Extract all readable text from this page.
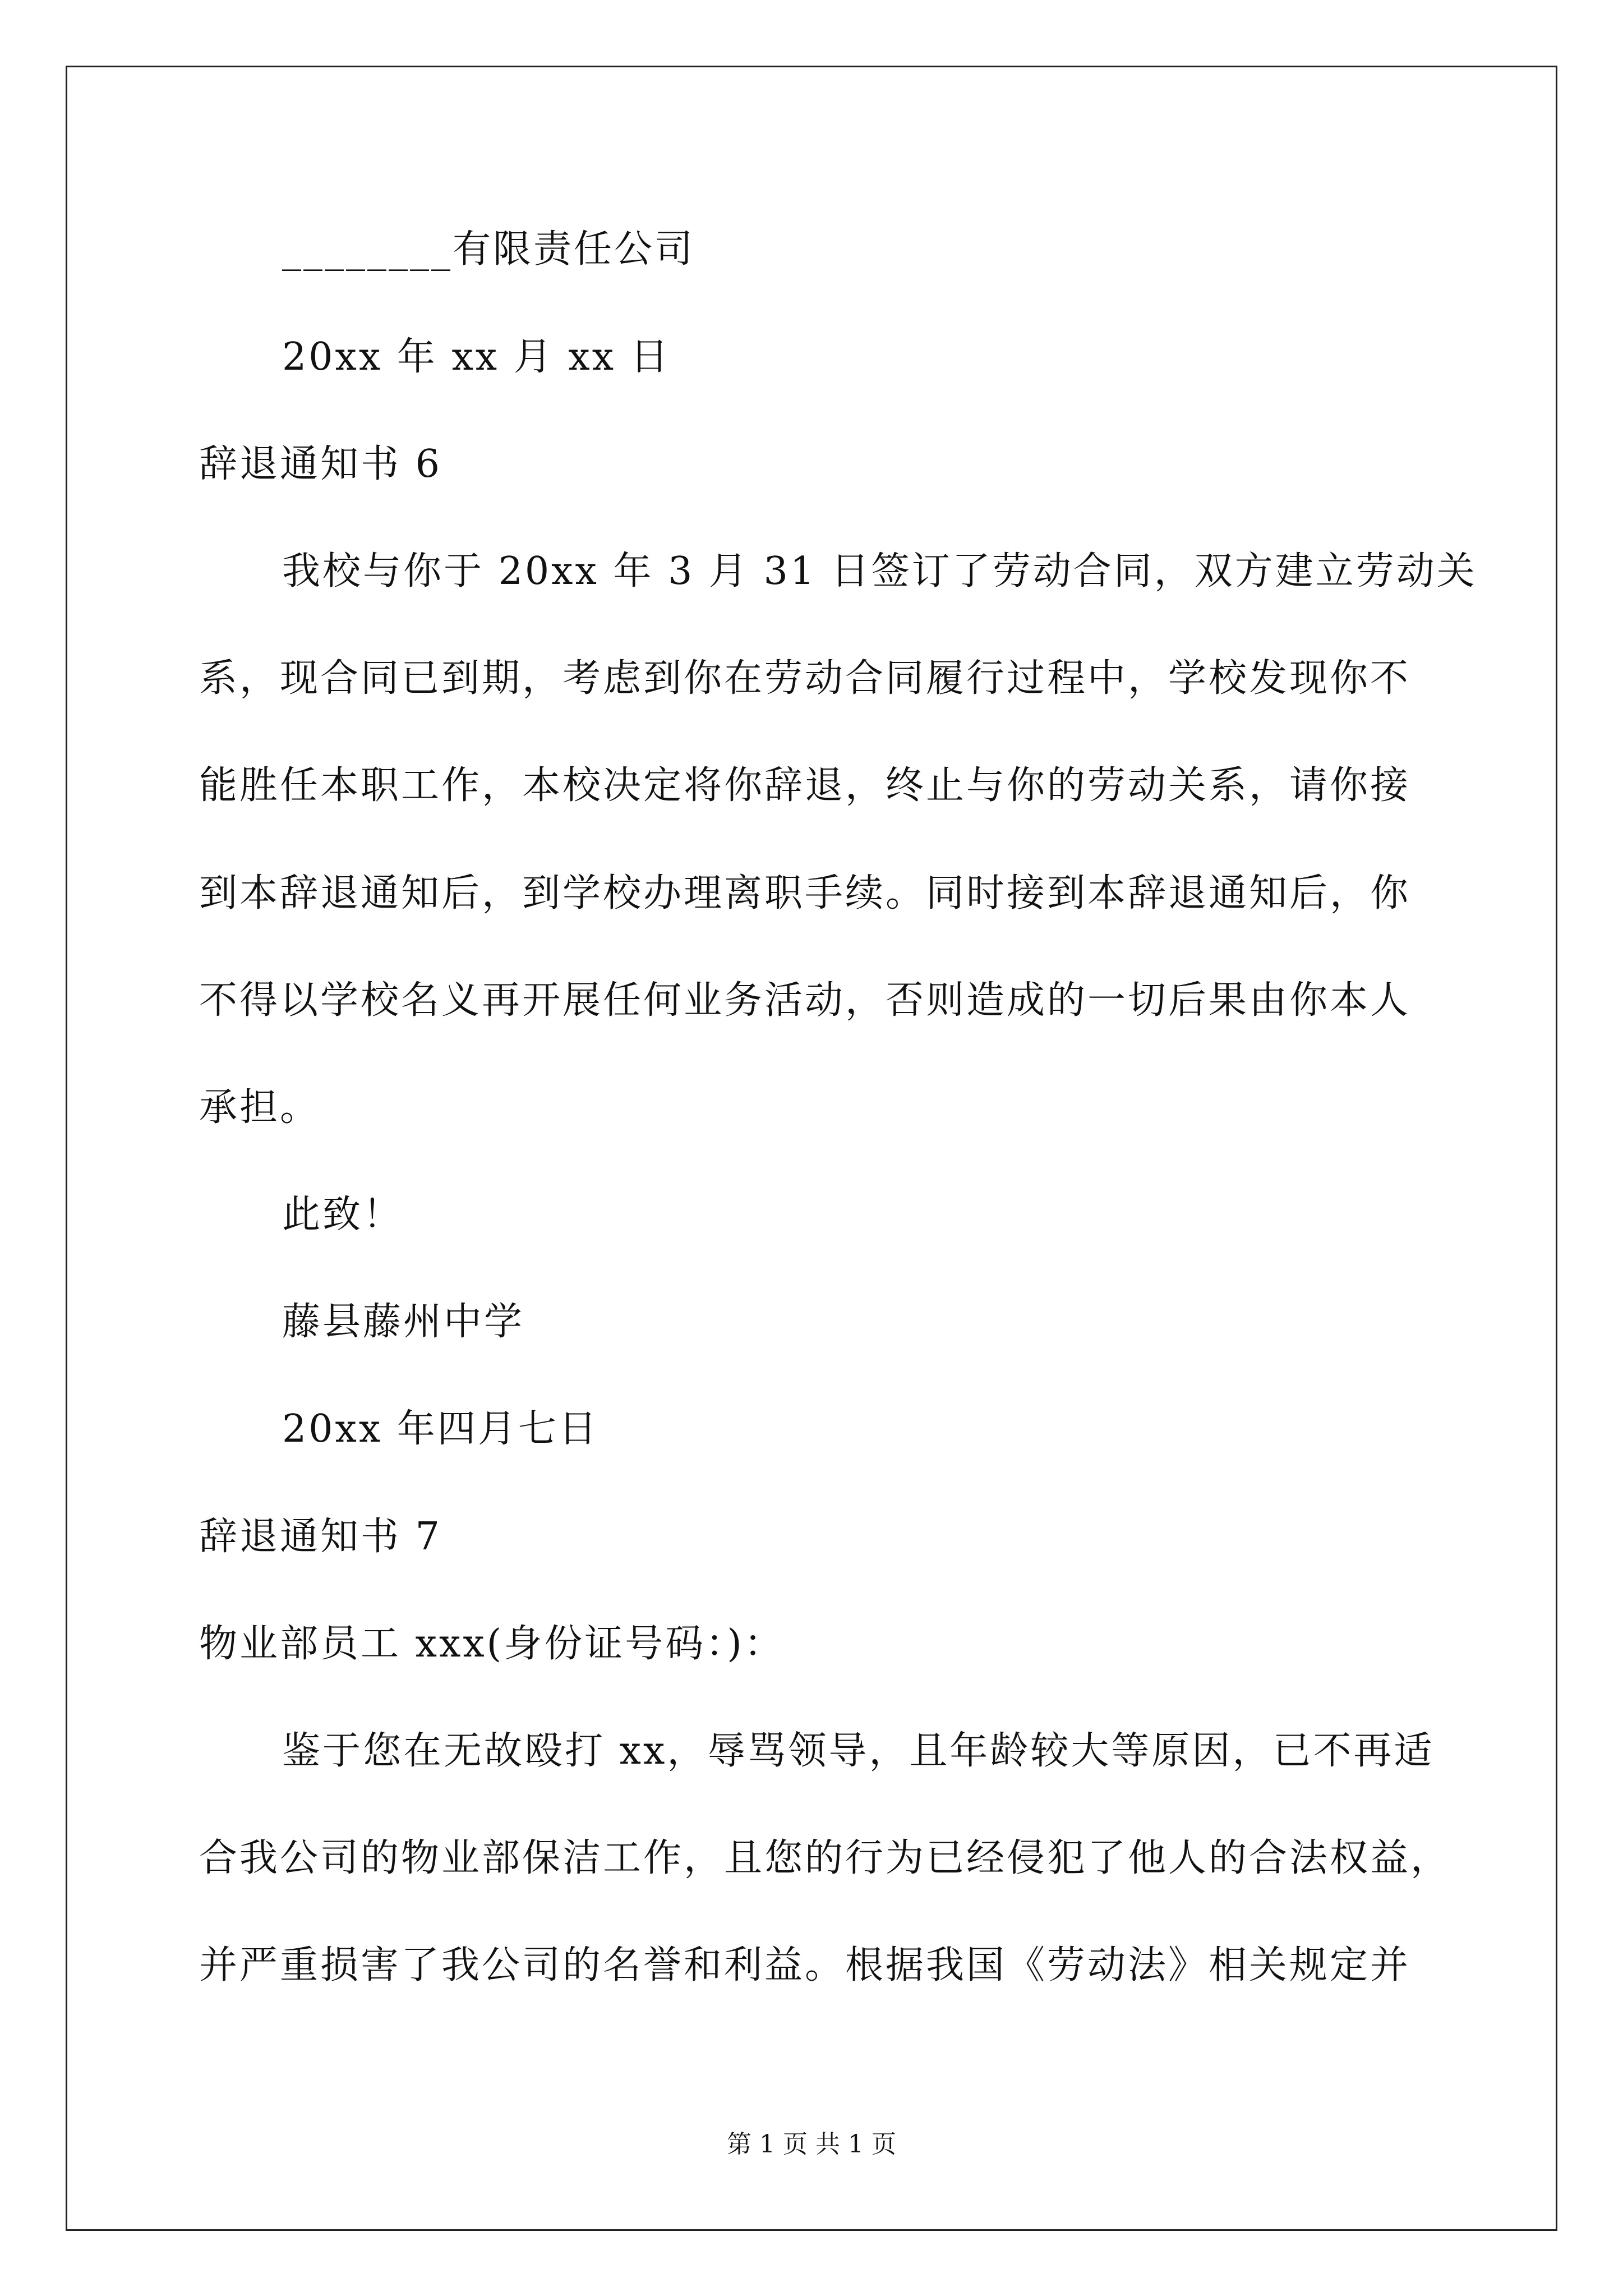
________有限责任公司
20xx 年 xx 月 xx 日
辞退通知书 6
我校与你于 20xx 年 3 月 31 日签订了劳动合同，双方建立劳动关
系，现合同已到期，考虑到你在劳动合同履行过程中，学校发现你不
能胜任本职工作，本校决定将你辞退，终止与你的劳动关系，请你接
到本辞退通知后，到学校办理离职手续。同时接到本辞退通知后，你
不得以学校名义再开展任何业务活动，否则造成的一切后果由你本人
承担。
此致！
藤县藤州中学
20xx 年四月七日
辞退通知书 7
物业部员工 xxx(身份证号码：)：
鉴于您在无故殴打 xx，辱骂领导，且年龄较大等原因，已不再适
合我公司的物业部保洁工作，且您的行为已经侵犯了他人的合法权益，
并严重损害了我公司的名誉和利益。根据我国《劳动法》相关规定并
第 1 页 共 1 页
